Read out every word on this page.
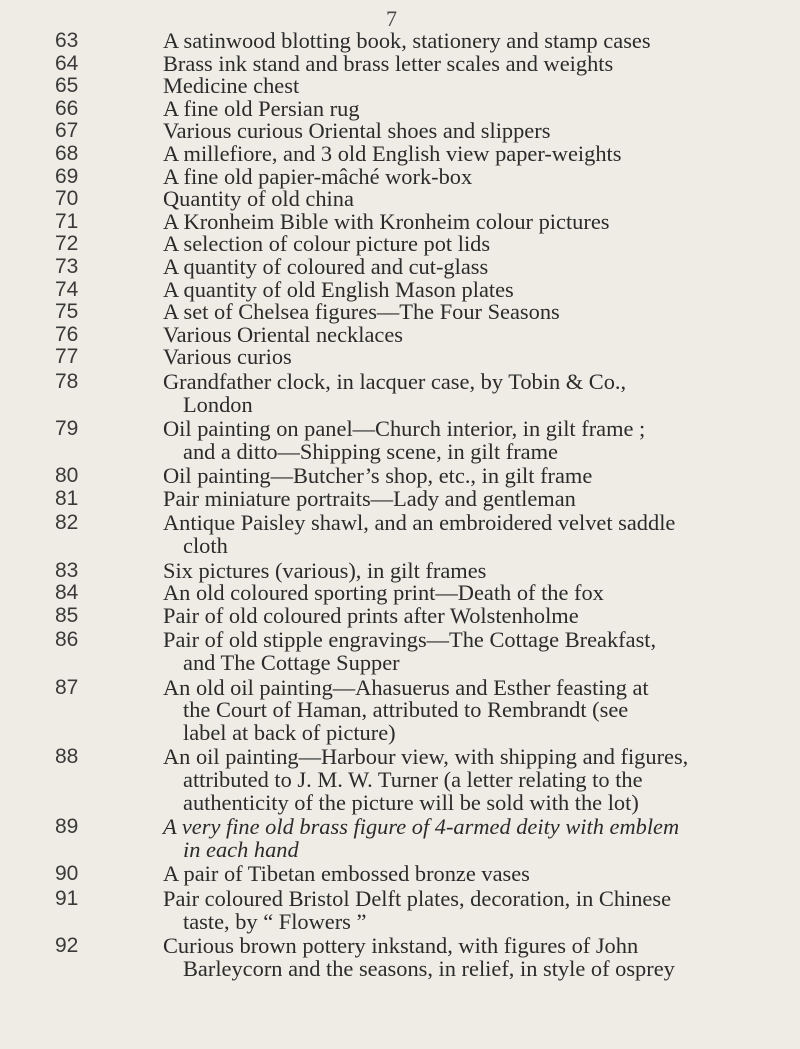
7
63	A satinwood blotting book, stationery and stamp cases
64	Brass ink stand and brass letter scales and weights
65	Medicine chest
66	A fine old Persian rug
67	Various curious Oriental shoes and slippers
68	A millefiore, and 3 old English view paper-weights
69	A fine old papier-mâché work-box
70	Quantity of old china
71	A Kronheim Bible with Kronheim colour pictures
72	A selection of colour picture pot lids
73	A quantity of coloured and cut-glass
74	A quantity of old English Mason plates
75	A set of Chelsea figures—The Four Seasons
76	Various Oriental necklaces
77	Various curios
78	Grandfather clock, in lacquer case, by Tobin & Co.,
London
79	Oil painting on panel—Church interior, in gilt frame ;
and a ditto—Shipping scene, in gilt frame
80	Oil painting—Butcher’s shop, etc., in gilt frame
81	Pair miniature portraits—Lady and gentleman
82	Antique Paisley shawl, and an embroidered velvet saddle
cloth
83	Six pictures (various), in gilt frames
84	An old coloured sporting print—Death of the fox
85	Pair of old coloured prints after Wolstenholme
86	Pair of old stipple engravings—The Cottage Breakfast,
and The Cottage Supper
87	An old oil painting—Ahasuerus and Esther feasting at
the Court of Haman, attributed to Rembrandt (see
label at back of picture)
88	An oil painting—Harbour view, with shipping and figures,
attributed to J. M. W. Turner (a letter relating to the
authenticity of the picture will be sold with the lot)
89	A very fine old brass figure of 4-armed deity with emblem
in each hand
90	A pair of Tibetan embossed bronze vases
91	Pair coloured Bristol Delft plates, decoration, in Chinese
taste, by “ Flowers ”
92	Curious brown pottery inkstand, with figures of John
Barleycorn and the seasons, in relief, in style of osprey
